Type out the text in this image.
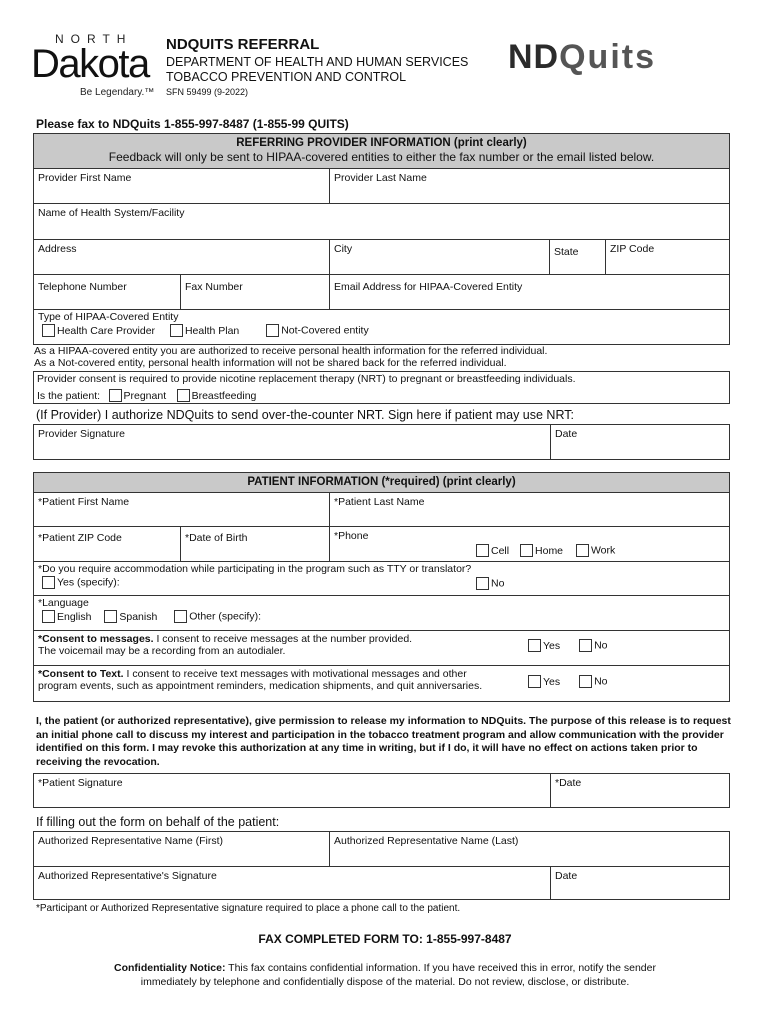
NORTH
Dakota
Be Legendary.™
NDQUITS REFERRAL
DEPARTMENT OF HEALTH AND HUMAN SERVICES
TOBACCO PREVENTION AND CONTROL
SFN 59499 (9-2022)
NDQuits
Please fax to NDQuits 1-855-997-8487 (1-855-99 QUITS)
REFERRING PROVIDER INFORMATION (print clearly)
Feedback will only be sent to HIPAA-covered entities to either the fax number or the email listed below.
Provider First Name	Provider Last Name
Name of Health System/Facility
Address	City	State	ZIP Code
Telephone Number	Fax Number	Email Address for HIPAA-Covered Entity
Type of HIPAA-Covered Entity
Health Care Provider	Health Plan	Not-Covered entity
As a HIPAA-covered entity you are authorized to receive personal health information for the referred individual.
As a Not-covered entity, personal health information will not be shared back for the referred individual.
Provider consent is required to provide nicotine replacement therapy (NRT) to pregnant or breastfeeding individuals.
Is the patient: Pregnant Breastfeeding
(If Provider) I authorize NDQuits to send over-the-counter NRT. Sign here if patient may use NRT:
Provider Signature	Date
PATIENT INFORMATION (*required) (print clearly)
*Patient First Name	*Patient Last Name
*Patient ZIP Code	*Date of Birth	*Phone
Cell Home	Work
*Do you require accommodation while participating in the program such as TTY or translator?
Yes (specify):	No
*Language
English	Spanish	Other (specify):
*Consent to messages. I consent to receive messages at the number provided.
The voicemail may be a recording from an autodialer.	Yes	No
*Consent to Text. I consent to receive text messages with motivational messages and other
program events, such as appointment reminders, medication shipments, and quit anniversaries.	Yes	No
I, the patient (or authorized representative), give permission to release my information to NDQuits. The purpose of this release is to request an initial phone call to discuss my interest and participation in the tobacco treatment program and allow communication with the provider identified on this form. I may revoke this authorization at any time in writing, but if I do, it will have no effect on actions taken prior to receiving the revocation.
*Patient Signature	*Date
If filling out the form on behalf of the patient:
Authorized Representative Name (First)	Authorized Representative Name (Last)
Authorized Representative's Signature	Date
*Participant or Authorized Representative signature required to place a phone call to the patient.
FAX COMPLETED FORM TO: 1-855-997-8487
Confidentiality Notice: This fax contains confidential information. If you have received this in error, notify the sender
immediately by telephone and confidentially dispose of the material. Do not review, disclose, or distribute.
